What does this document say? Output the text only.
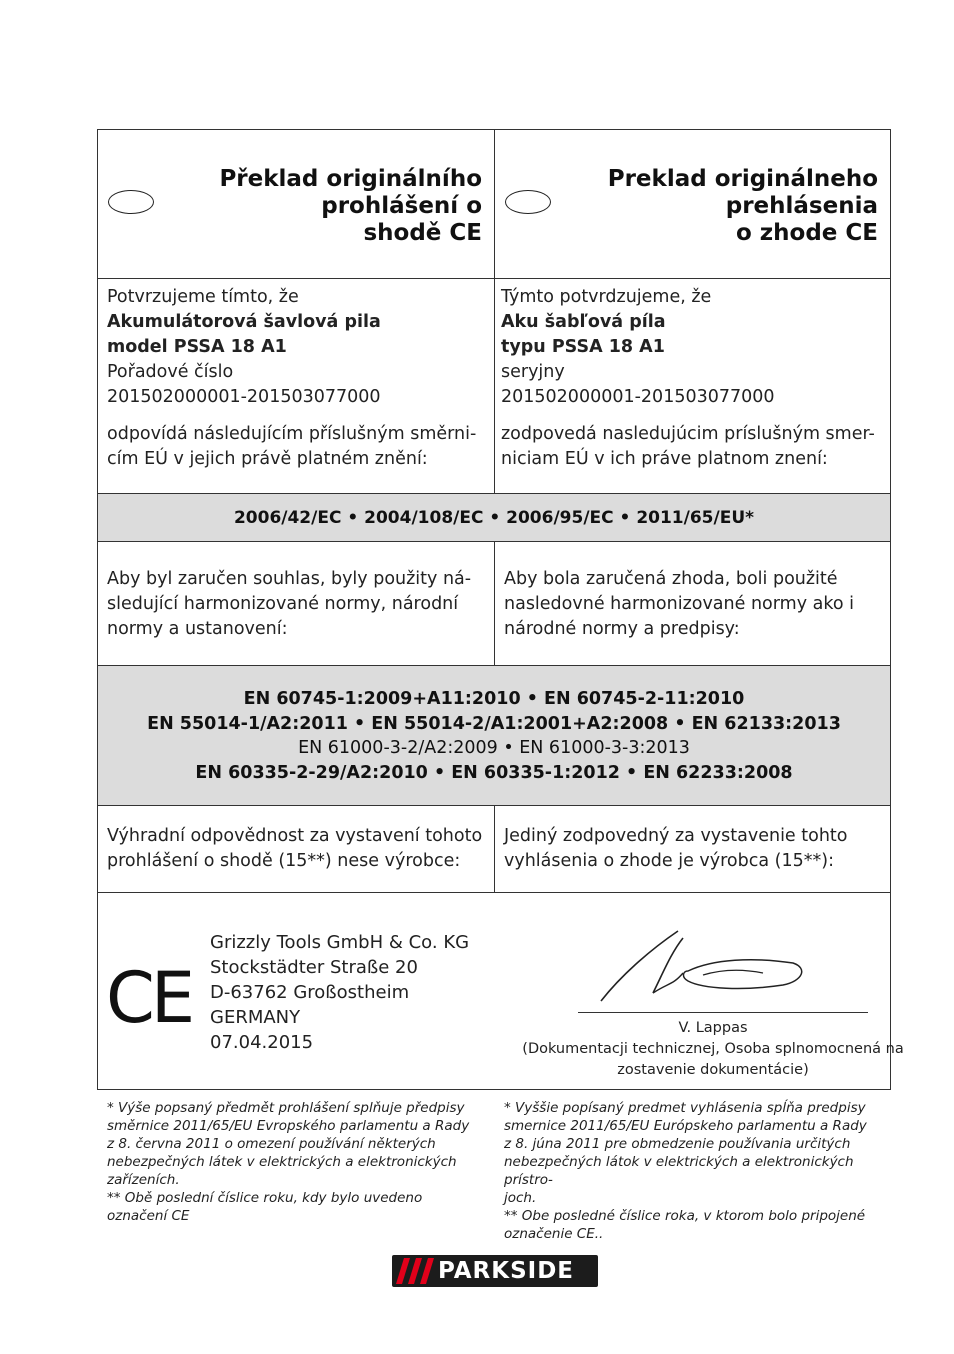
Překlad originálního
prohlášení o
shodě CE
Preklad originálneho
prehlásenia
o zhode CE
Potvrzujeme tímto, že
Akumulátorová šavlová pila
model PSSA 18 A1
Pořadové číslo
201502000001-201503077000
odpovídá následujícím příslušným směrni-
cím EÚ v jejich právě platném znění:
Týmto potvrdzujeme, že
Aku šabľová píla
typu PSSA 18 A1
seryjny
201502000001-201503077000
zodpovedá nasledujúcim príslušným smer-
niciam EÚ v ich práve platnom znení:
2006/42/EC • 2004/108/EC • 2006/95/EC • 2011/65/EU*
Aby byl zaručen souhlas, byly použity ná-
sledující harmonizované normy, národní
normy a ustanovení:
Aby bola zaručená zhoda, boli použité
nasledovné harmonizované normy ako i
národné normy a predpisy:
EN 60745-1:2009+A11:2010 • EN 60745-2-11:2010
EN 55014-1/A2:2011 • EN 55014-2/A1:2001+A2:2008 • EN 62133:2013
EN 61000-3-2/A2:2009 • EN 61000-3-3:2013
EN 60335-2-29/A2:2010 • EN 60335-1:2012 • EN 62233:2008
Výhradní odpovědnost za vystavení tohoto
prohlášení o shodě (15**) nese výrobce:
Jediný zodpovedný za vystavenie tohto
vyhlásenia o zhode je výrobca (15**):
CE
Grizzly Tools GmbH & Co. KG
Stockstädter Straße 20
D-63762 Großostheim
GERMANY
07.04.2015
V. Lappas
(Dokumentacji technicznej, Osoba splnomocnená na
zostavenie dokumentácie)
* Výše popsaný předmět prohlášení splňuje předpisy
směrnice 2011/65/EU Evropského parlamentu a Rady
z 8. června 2011 o omezení používání některých
nebezpečných látek v elektrických a elektronických
zařízeních.
** Obě poslední číslice roku, kdy bylo uvedeno
označení CE
* Vyššie popísaný predmet vyhlásenia spĺňa predpisy
smernice 2011/65/EU Európskeho parlamentu a Rady
z 8. júna 2011 pre obmedzenie používania určitých
nebezpečných látok v elektrických a elektronických prístro-
joch.
** Obe posledné číslice roka, v ktorom bolo pripojené
označenie CE..
PARKSIDE
